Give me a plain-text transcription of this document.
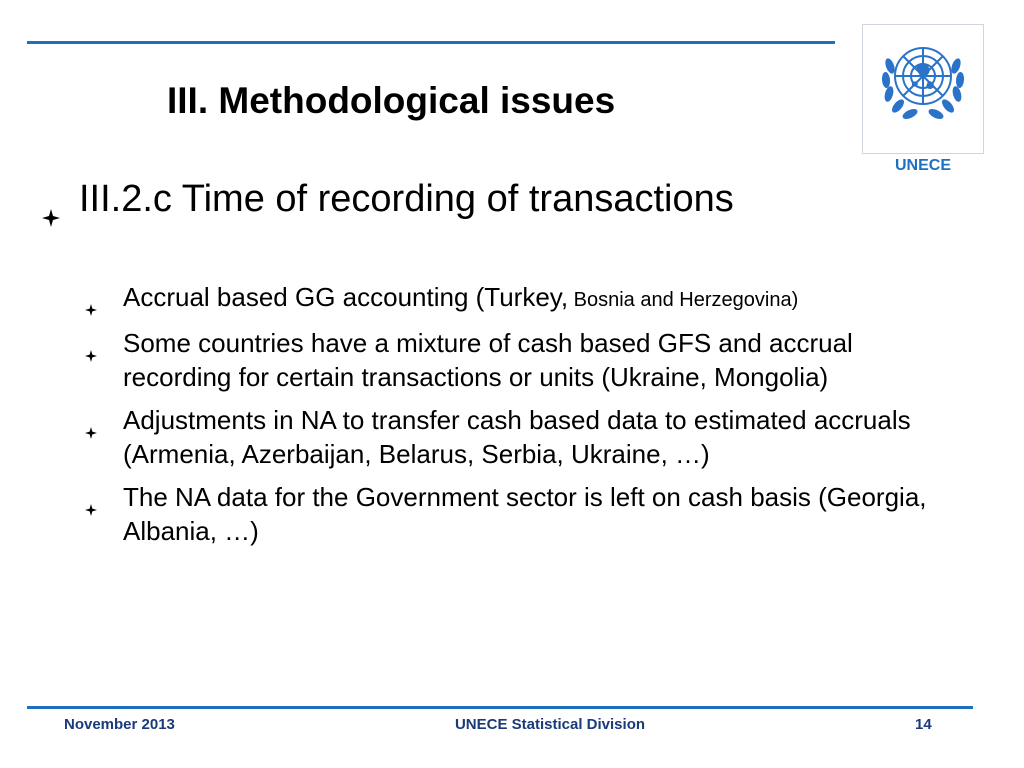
III. Methodological issues
UNECE
III.2.c Time of recording of transactions
Accrual based GG accounting (Turkey, Bosnia and Herzegovina)
Some countries have a mixture of cash based GFS and accrual recording for certain transactions or units (Ukraine, Mongolia)
Adjustments in NA to transfer cash based data to estimated accruals (Armenia, Azerbaijan, Belarus, Serbia, Ukraine, …)
The NA data for the Government sector is left on cash basis (Georgia, Albania, …)
November 2013	UNECE Statistical Division	14
